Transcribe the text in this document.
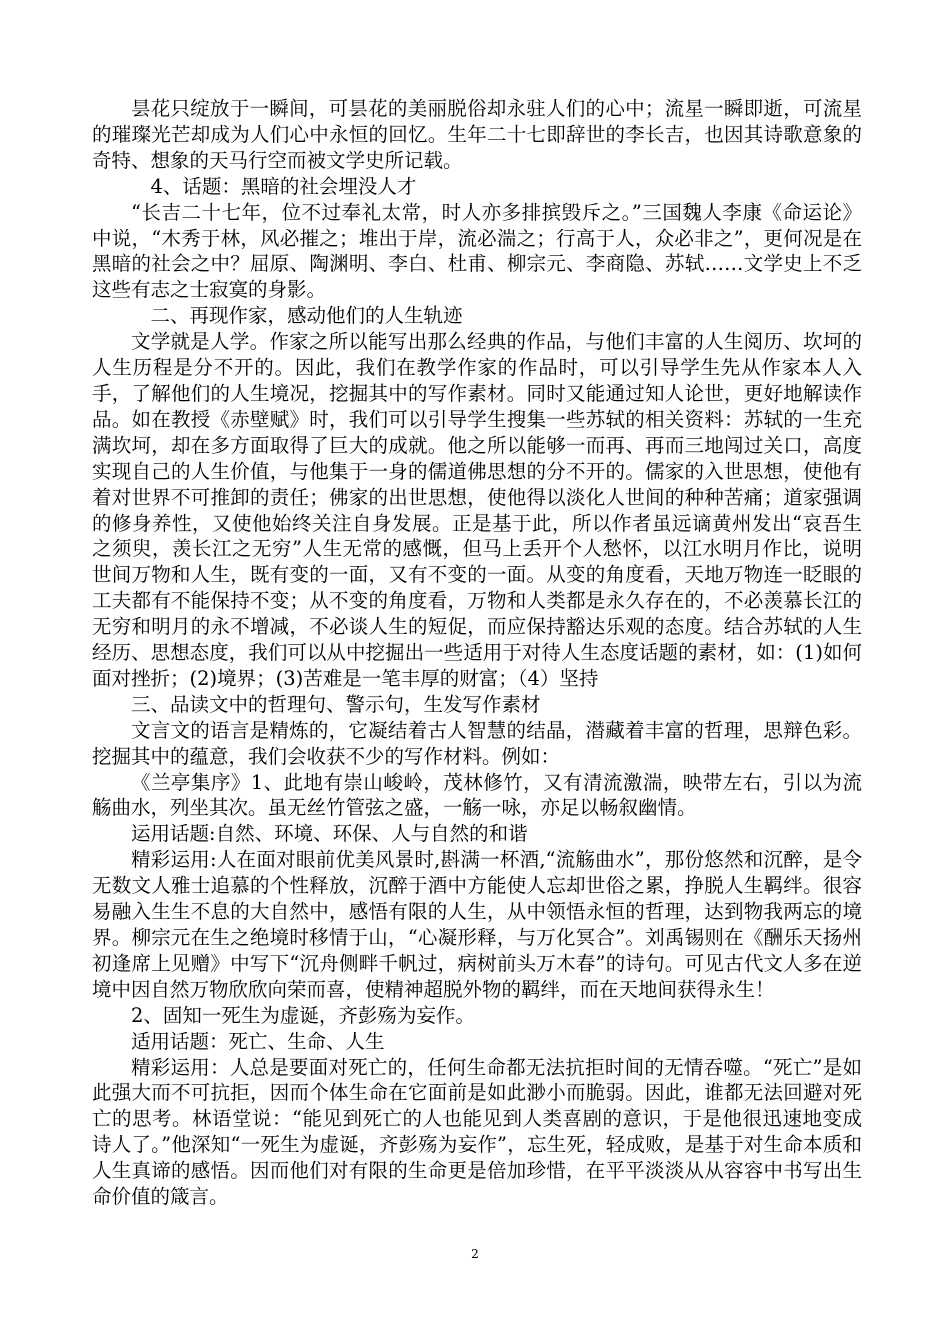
昙花只绽放于一瞬间，可昙花的美丽脱俗却永驻人们的心中；流星一瞬即逝，可流星的璀璨光芒却成为人们心中永恒的回忆。生年二十七即辞世的李长吉，也因其诗歌意象的奇特、想象的天马行空而被文学史所记载。

4、话题：黑暗的社会埋没人才

“长吉二十七年，位不过奉礼太常，时人亦多排摈毁斥之。”三国魏人李康《命运论》中说，“木秀于林，风必摧之；堆出于岸，流必湍之；行高于人，众必非之”，更何况是在黑暗的社会之中？屈原、陶渊明、李白、杜甫、柳宗元、李商隐、苏轼……文学史上不乏这些有志之士寂寞的身影。

二、再现作家，感动他们的人生轨迹

文学就是人学。作家之所以能写出那么经典的作品，与他们丰富的人生阅历、坎坷的人生历程是分不开的。因此，我们在教学作家的作品时，可以引导学生先从作家本人入手，了解他们的人生境况，挖掘其中的写作素材。同时又能通过知人论世，更好地解读作品。如在教授《赤壁赋》时，我们可以引导学生搜集一些苏轼的相关资料：苏轼的一生充满坎坷，却在多方面取得了巨大的成就。他之所以能够一而再、再而三地闯过关口，高度实现自己的人生价值，与他集于一身的儒道佛思想的分不开的。儒家的入世思想，使他有着对世界不可推卸的责任；佛家的出世思想，使他得以淡化人世间的种种苦痛；道家强调的修身养性，又使他始终关注自身发展。正是基于此，所以作者虽远谪黄州发出“哀吾生之须臾，羡长江之无穷”人生无常的感慨，但马上丢开个人愁怀，以江水明月作比，说明世间万物和人生，既有变的一面，又有不变的一面。从变的角度看，天地万物连一眨眼的工夫都有不能保持不变；从不变的角度看，万物和人类都是永久存在的，不必羡慕长江的无穷和明月的永不增减，不必谈人生的短促，而应保持豁达乐观的态度。结合苏轼的人生经历、思想态度，我们可以从中挖掘出一些适用于对待人生态度话题的素材，如：(1)如何面对挫折；(2)境界；(3)苦难是一笔丰厚的财富；（4）坚持

三、品读文中的哲理句、警示句，生发写作素材

文言文的语言是精炼的，它凝结着古人智慧的结晶，潜藏着丰富的哲理，思辩色彩。挖掘其中的蕴意，我们会收获不少的写作材料。例如：

《兰亭集序》1、此地有崇山峻岭，茂林修竹，又有清流激湍，映带左右，引以为流觞曲水，列坐其次。虽无丝竹管弦之盛，一觞一咏，亦足以畅叙幽情。

运用话题:自然、环境、环保、人与自然的和谐

精彩运用:人在面对眼前优美风景时,斟满一杯酒,“流觞曲水”，那份悠然和沉醉，是令无数文人雅士追慕的个性释放，沉醉于酒中方能使人忘却世俗之累，挣脱人生羁绊。很容易融入生生不息的大自然中，感悟有限的人生，从中领悟永恒的哲理，达到物我两忘的境界。柳宗元在生之绝境时移情于山，“心凝形释，与万化冥合”。刘禹锡则在《酬乐天扬州初逢席上见赠》中写下“沉舟侧畔千帆过，病树前头万木春”的诗句。可见古代文人多在逆境中因自然万物欣欣向荣而喜，使精神超脱外物的羁绊，而在天地间获得永生！

2、固知一死生为虚诞，齐彭殇为妄作。

适用话题：死亡、生命、人生

精彩运用：人总是要面对死亡的，任何生命都无法抗拒时间的无情吞噬。“死亡”是如此强大而不可抗拒，因而个体生命在它面前是如此渺小而脆弱。因此，谁都无法回避对死亡的思考。林语堂说：“能见到死亡的人也能见到人类喜剧的意识，于是他很迅速地变成诗人了。”他深知“一死生为虚诞，齐彭殇为妄作”，忘生死，轻成败，是基于对生命本质和人生真谛的感悟。因而他们对有限的生命更是倍加珍惜，在平平淡淡从从容容中书写出生命价值的箴言。

2
